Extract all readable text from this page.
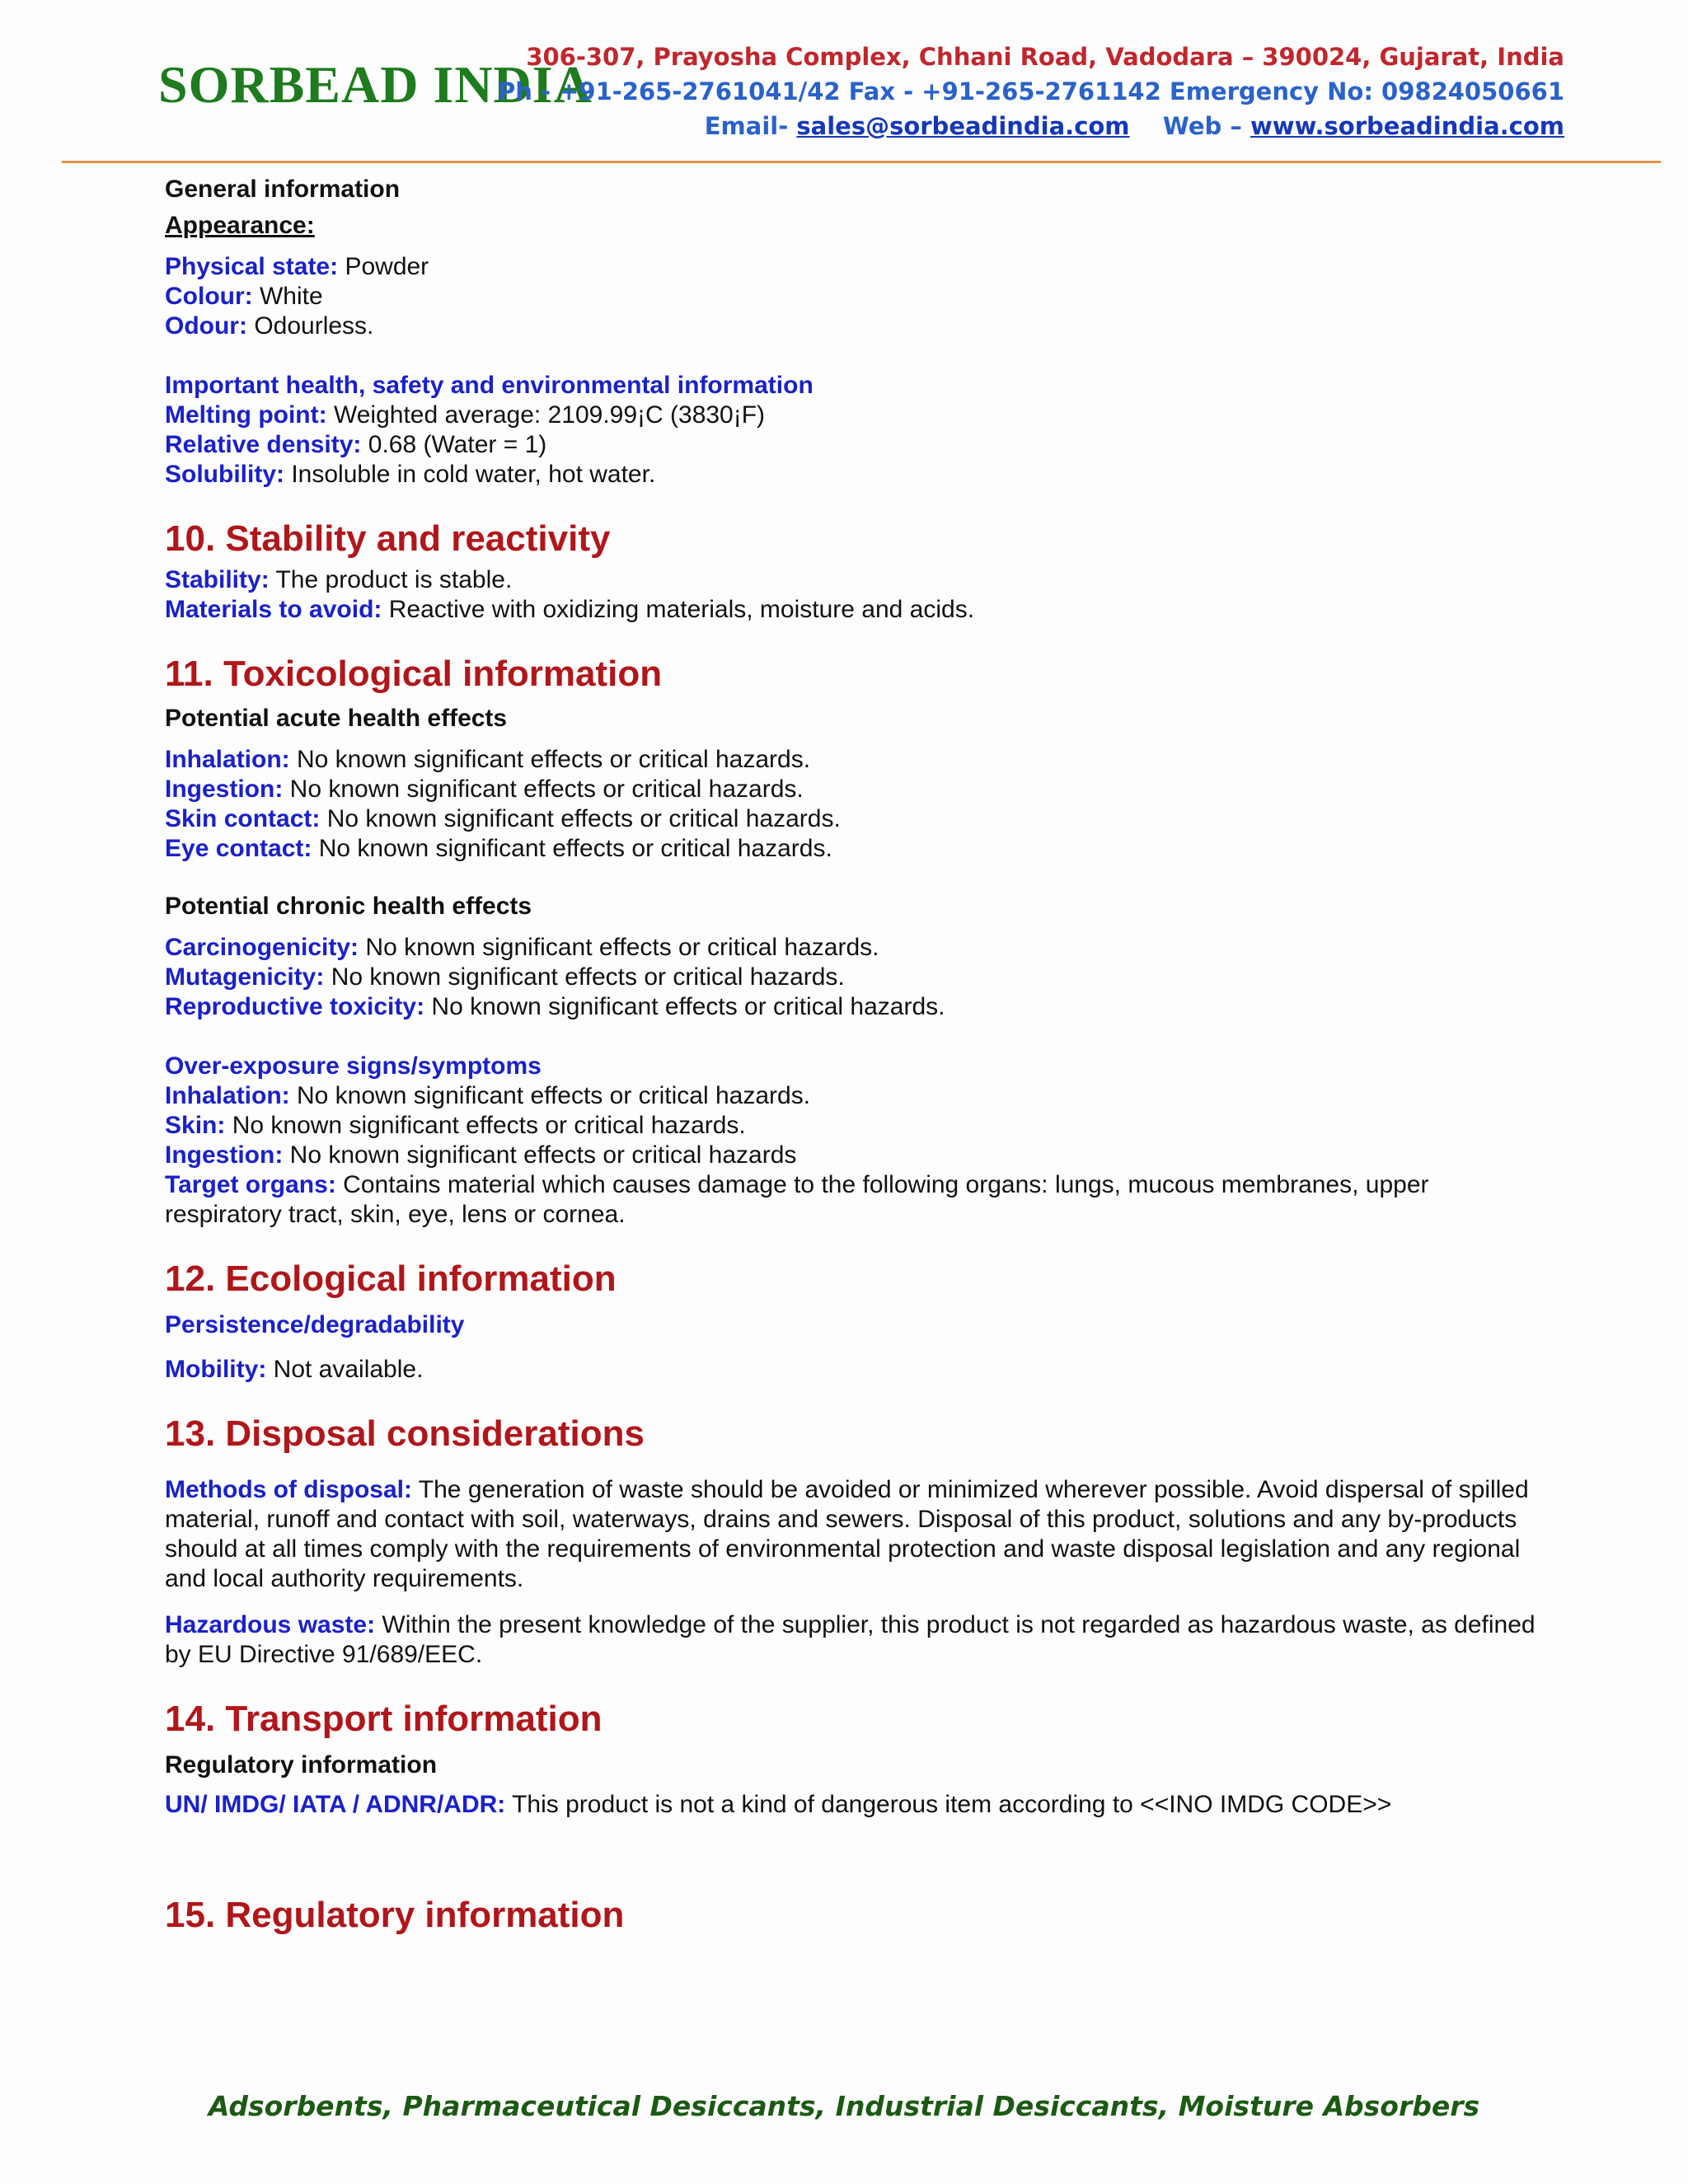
SORBEAD INDIA
306-307, Prayosha Complex, Chhani Road, Vadodara – 390024, Gujarat, India
Ph - +91-265-2761041/42 Fax - +91-265-2761142 Emergency No: 09824050661
Email- sales@sorbeadindia.com Web – www.sorbeadindia.com

General information

Appearance:

Physical state: Powder

Colour: White

Odour: Odourless.

Important health, safety and environmental information

Melting point: Weighted average: 2109.99¡C (3830¡F)

Relative density: 0.68 (Water = 1)

Solubility: Insoluble in cold water, hot water.

10. Stability and reactivity

Stability: The product is stable.

Materials to avoid: Reactive with oxidizing materials, moisture and acids.

11. Toxicological information

Potential acute health effects

Inhalation: No known significant effects or critical hazards.

Ingestion: No known significant effects or critical hazards.

Skin contact: No known significant effects or critical hazards.

Eye contact: No known significant effects or critical hazards.

Potential chronic health effects

Carcinogenicity: No known significant effects or critical hazards.

Mutagenicity: No known significant effects or critical hazards.

Reproductive toxicity: No known significant effects or critical hazards.

Over-exposure signs/symptoms

Inhalation: No known significant effects or critical hazards.

Skin: No known significant effects or critical hazards.

Ingestion: No known significant effects or critical hazards

Target organs: Contains material which causes damage to the following organs: lungs, mucous membranes, upper respiratory tract, skin, eye, lens or cornea.

12. Ecological information

Persistence/degradability

Mobility: Not available.

13. Disposal considerations

Methods of disposal: The generation of waste should be avoided or minimized wherever possible. Avoid dispersal of spilled material, runoff and contact with soil, waterways, drains and sewers. Disposal of this product, solutions and any by-products should at all times comply with the requirements of environmental protection and waste disposal legislation and any regional and local authority requirements.

Hazardous waste: Within the present knowledge of the supplier, this product is not regarded as hazardous waste, as defined by EU Directive 91/689/EEC.

14. Transport information

Regulatory information

UN/ IMDG/ IATA / ADNR/ADR: This product is not a kind of dangerous item according to <<INO IMDG CODE>>

15. Regulatory information

Adsorbents, Pharmaceutical Desiccants, Industrial Desiccants, Moisture Absorbers
